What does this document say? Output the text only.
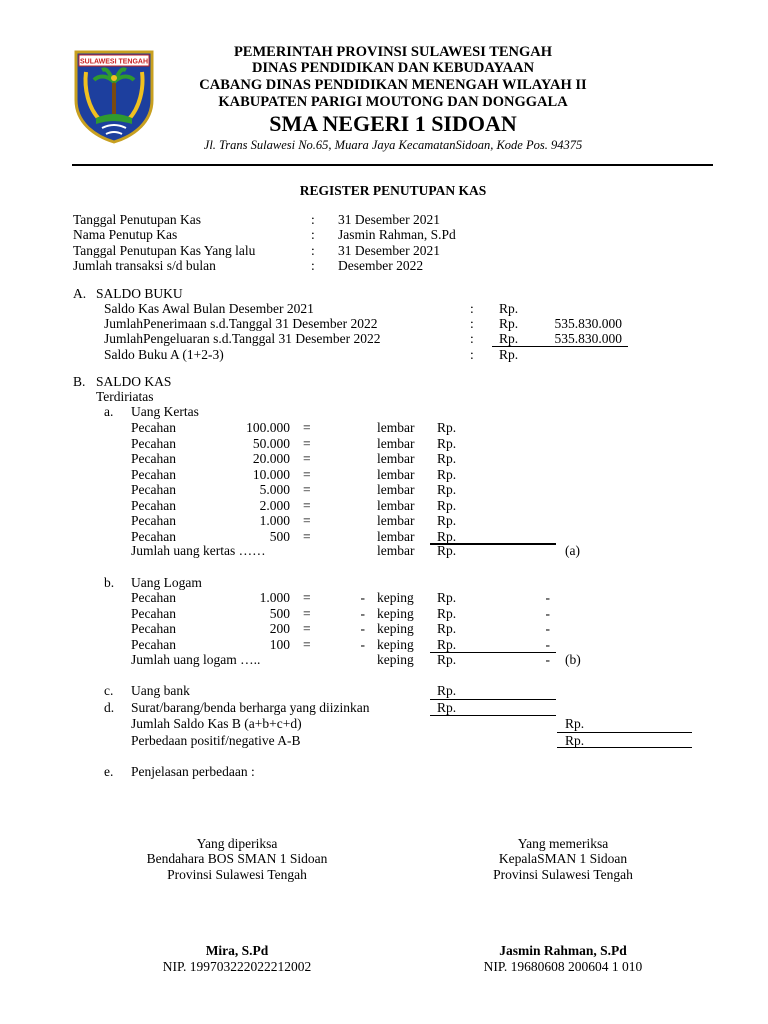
SULAWESI TENGAH
PEMERINTAH PROVINSI SULAWESI TENGAH
DINAS PENDIDIKAN DAN KEBUDAYAAN
CABANG DINAS PENDIDIKAN MENENGAH WILAYAH II
KABUPATEN PARIGI MOUTONG DAN DONGGALA
SMA NEGERI 1 SIDOAN
Jl. Trans Sulawesi No.65, Muara Jaya KecamatanSidoan, Kode Pos. 94375
REGISTER PENUTUPAN KAS
Tanggal Penutupan Kas	: 31 Desember 2021
Nama Penutup Kas	: Jasmin Rahman, S.Pd
Tanggal Penutupan Kas Yang lalu	: 31 Desember 2021
Jumlah transaksi s/d bulan	: Desember 2022
A. SALDO BUKU
Saldo Kas Awal Bulan Desember 2021	: Rp.
JumlahPenerimaan s.d.Tanggal 31 Desember 2022	: Rp.	535.830.000
JumlahPengeluaran s.d.Tanggal 31 Desember 2022	: Rp.	535.830.000
Saldo Buku A (1+2-3)	: Rp.
B. SALDO KAS
Terdiriatas
a. Uang Kertas
Pecahan	100.000 =	lembar Rp.
Pecahan	50.000 =	lembar Rp.
Pecahan	20.000 =	lembar Rp.
Pecahan	10.000 =	lembar Rp.
Pecahan	5.000 =	lembar Rp.
Pecahan	2.000 =	lembar Rp.
Pecahan	1.000 =	lembar Rp.
Pecahan	500 =	lembar Rp.
Jumlah uang kertas ……	lembar Rp.	(a)
b. Uang Logam
Pecahan	1.000 =	- keping Rp.	-
Pecahan	500 =	- keping Rp.	-
Pecahan	200 =	- keping Rp.	-
Pecahan	100 =	- keping Rp.	-
Jumlah uang logam …..	keping Rp.	- (b)
c. Uang bank	Rp.
d. Surat/barang/benda berharga yang diizinkan	Rp.
Jumlah Saldo Kas B (a+b+c+d)	Rp.
Perbedaan positif/negative A-B	Rp.
e. Penjelasan perbedaan :
Yang diperiksa
Bendahara BOS SMAN 1 Sidoan
Provinsi Sulawesi Tengah
Mira, S.Pd
NIP. 199703222022212002
Yang memeriksa
KepalaSMAN 1 Sidoan
Provinsi Sulawesi Tengah
Jasmin Rahman, S.Pd
NIP. 19680608 200604 1 010
